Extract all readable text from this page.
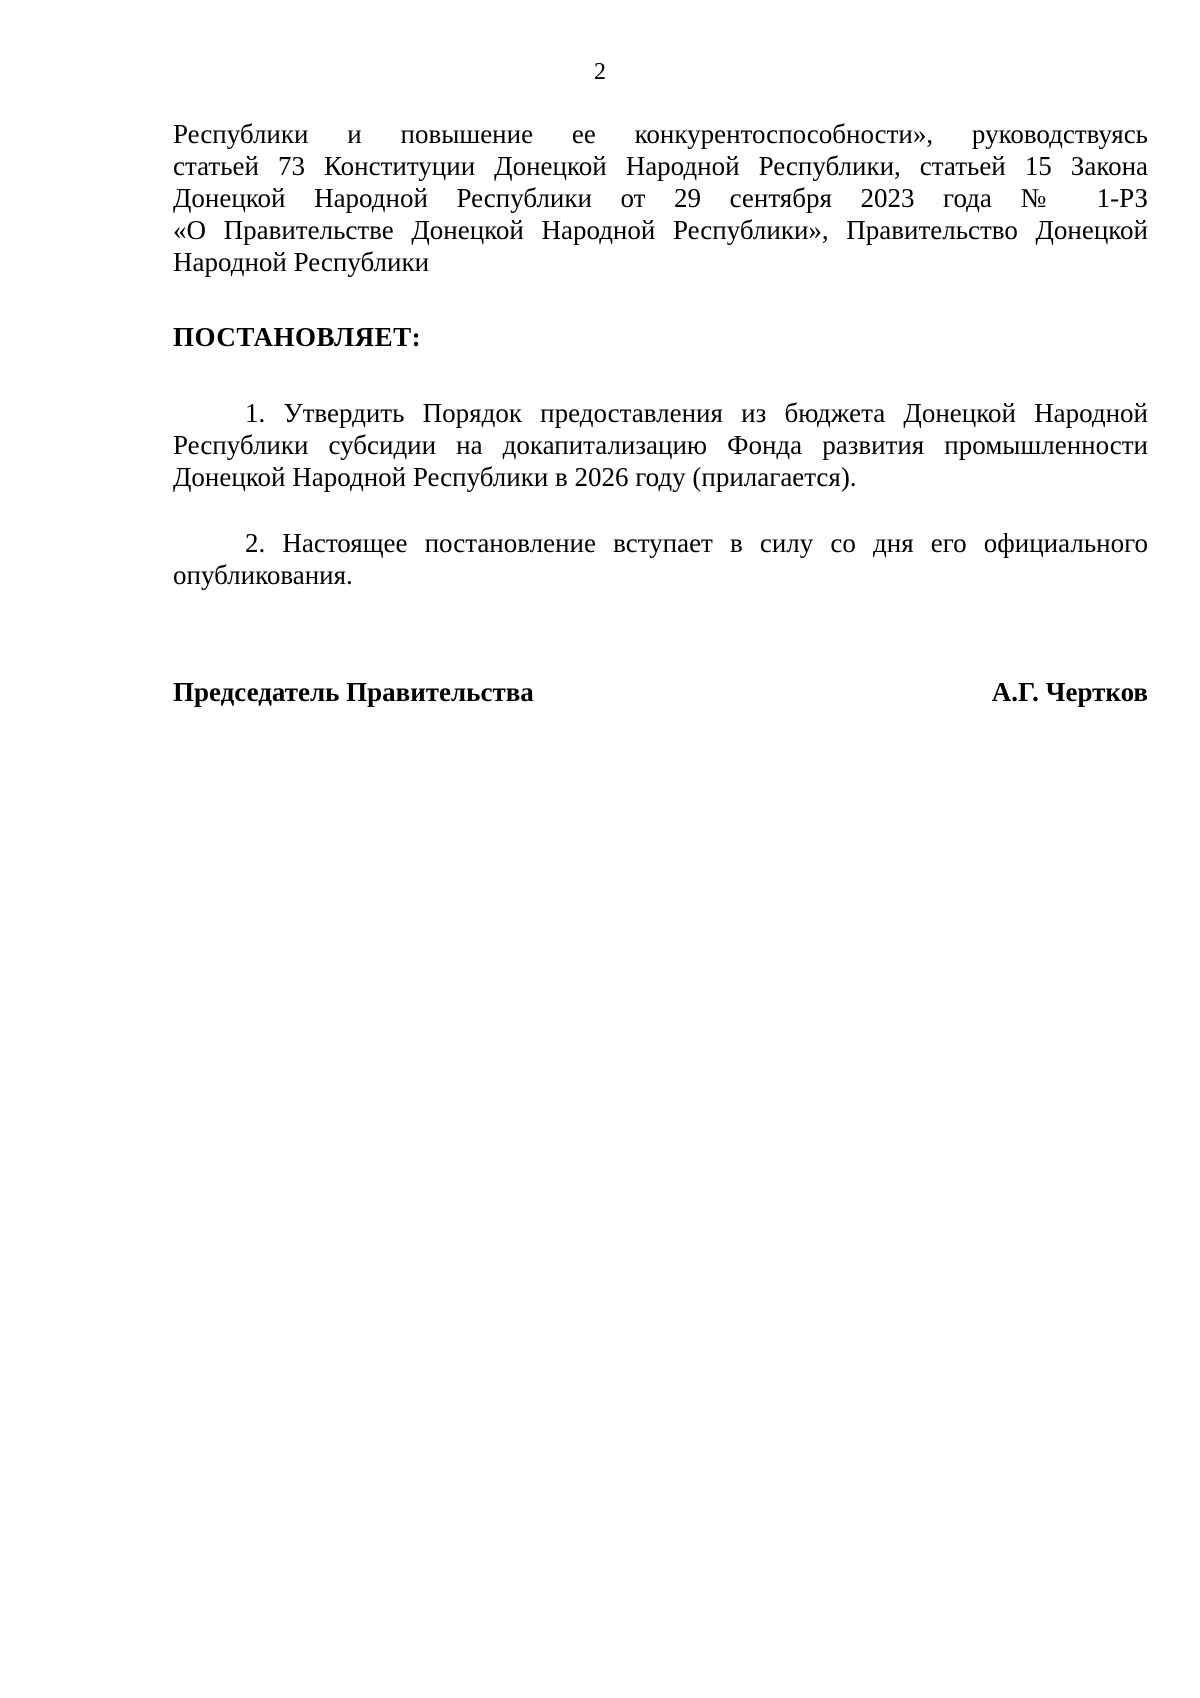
2
Республики и повышение ее конкурентоспособности», руководствуясь
статьей 73 Конституции Донецкой Народной Республики, статьей 15 Закона
Донецкой Народной Республики от 29 сентября 2023 года № 1-РЗ
«О Правительстве Донецкой Народной Республики», Правительство Донецкой
Народной Республики
ПОСТАНОВЛЯЕТ:
1. Утвердить Порядок предоставления из бюджета Донецкой Народной
Республики субсидии на докапитализацию Фонда развития промышленности
Донецкой Народной Республики в 2026 году (прилагается).
2. Настоящее постановление вступает в силу со дня его официального
опубликования.
Председатель Правительства	А.Г. Чертков
